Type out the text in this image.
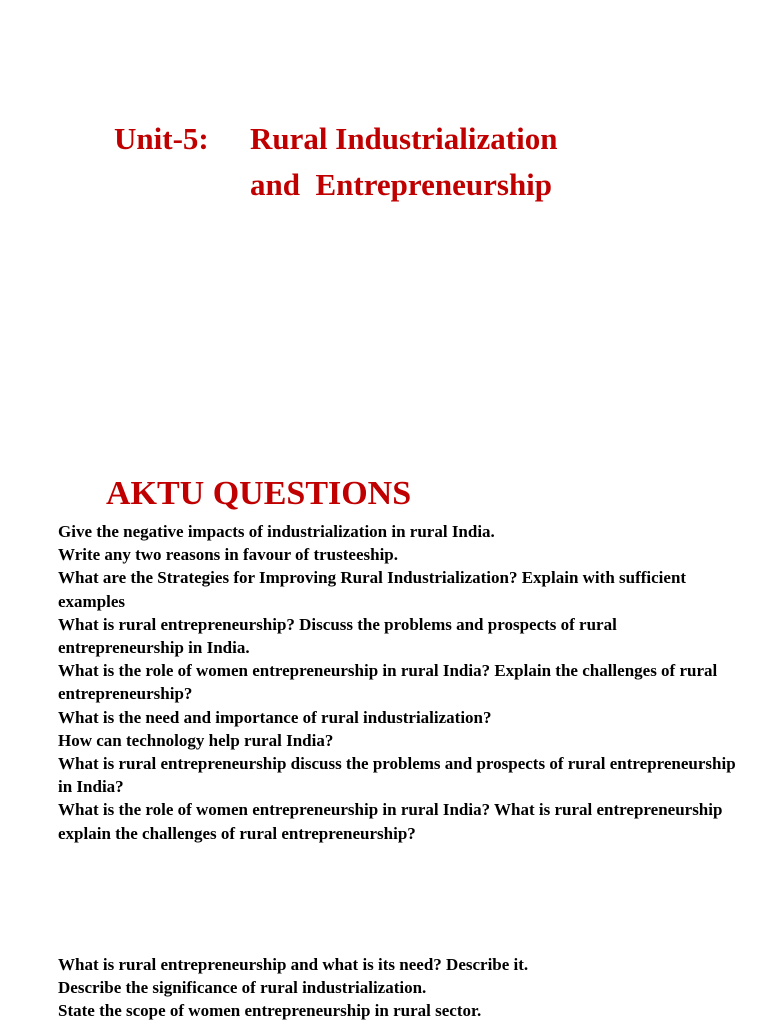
Unit-5:	Rural Industrialization
and  Entrepreneurship
AKTU QUESTIONS
Give the negative impacts of industrialization in rural India.
Write any two reasons in favour of trusteeship.
What are the Strategies for Improving Rural Industrialization? Explain with sufficient examples
What is rural entrepreneurship? Discuss the problems and prospects of rural entrepreneurship in India.
What is the role of women entrepreneurship in rural India? Explain the challenges of rural entrepreneurship?
What is the need and importance of rural industrialization?
How can technology help rural India?
What is rural entrepreneurship discuss the problems and prospects of rural entrepreneurship in India?
What is the role of women entrepreneurship in rural India? What is rural entrepreneurship explain the challenges of rural entrepreneurship?
What is rural entrepreneurship and what is its need? Describe it.
Describe the significance of rural industrialization.
State the scope of women entrepreneurship in rural sector.
